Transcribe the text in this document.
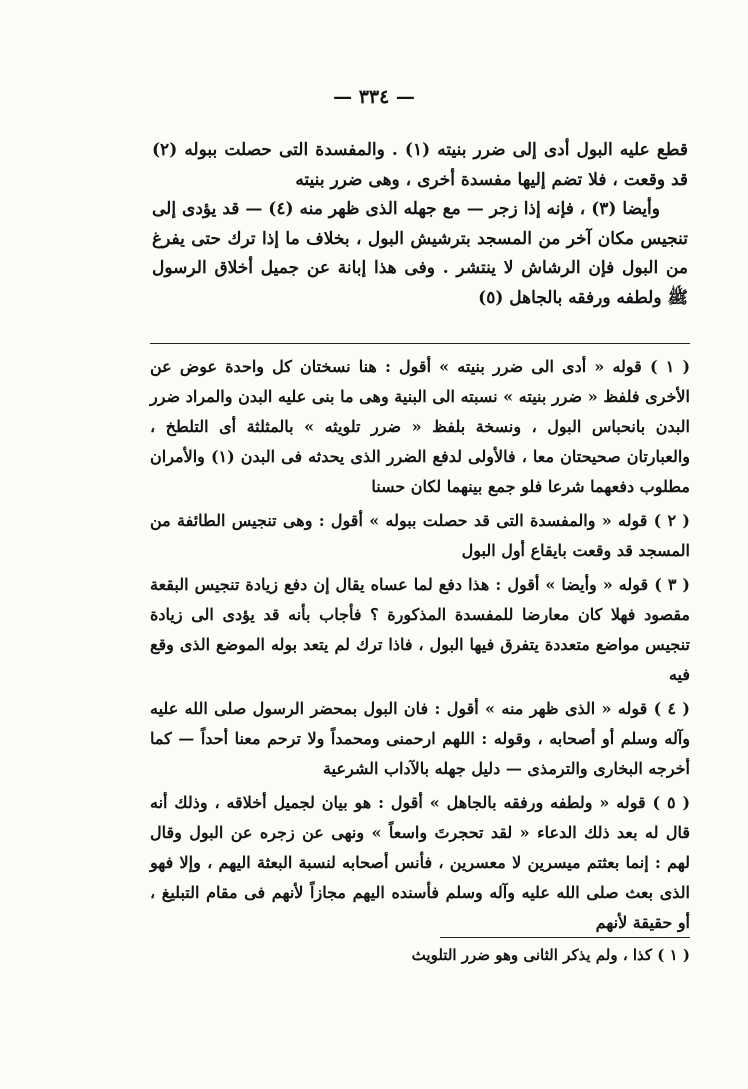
— ٣٣٤ —

قطع عليه البول أدى إلى ضرر بنيته (١) . والمفسدة التى حصلت ببوله (٢) قد وقعت ، فلا تضم إليها مفسدة أخرى ، وهى ضرر بنيته

وأيضا (٣) ، فإنه إذا زجر — مع جهله الذى ظهر منه (٤) — قد يؤدى إلى تنجيس مكان آخر من المسجد بترشيش البول ، بخلاف ما إذا ترك حتى يفرغ من البول فإن الرشاش لا ينتشر . وفى هذا إبانة عن جميل أخلاق الرسول ﷺ ولطفه ورفقه بالجاهل (٥)

( ١ ) قوله « أدى الى ضرر بنيته » أقول : هنا نسختان كل واحدة عوض عن الأخرى فلفظ « ضرر بنيته » نسبته الى البنية وهى ما بنى عليه البدن والمراد ضرر البدن بانحباس البول ، ونسخة بلفظ « ضرر تلويثه » بالمثلثة أى التلطخ ، والعبارتان صحيحتان معا ، فالأولى لدفع الضرر الذى يحدثه فى البدن (١) والأمران مطلوب دفعهما شرعا فلو جمع بينهما لكان حسنا

( ٢ ) قوله « والمفسدة التى قد حصلت ببوله » أقول : وهى تنجيس الطائفة من المسجد قد وقعت بايقاع أول البول

( ٣ ) قوله « وأيضا » أقول : هذا دفع لما عساه يقال إن دفع زيادة تنجيس البقعة مقصود فهلا كان معارضا للمفسدة المذكورة ؟ فأجاب بأنه قد يؤدى الى زيادة تنجيس مواضع متعددة يتفرق فيها البول ، فاذا ترك لم يتعد بوله الموضع الذى وقع فيه

( ٤ ) قوله « الذى ظهر منه » أقول : فان البول بمحضر الرسول صلى الله عليه وآله وسلم أو أصحابه ، وقوله : اللهم ارحمنى ومحمداً ولا ترحم معنا أحداً — كما أخرجه البخارى والترمذى — دليل جهله بالآداب الشرعية

( ٥ ) قوله « ولطفه ورفقه بالجاهل » أقول : هو بيان لجميل أخلاقه ، وذلك أنه قال له بعد ذلك الدعاء « لقد تحجرتَ واسعاً » ونهى عن زجره عن البول وقال لهم : إنما بعثتم ميسرين لا معسرين ، فأنس أصحابه لنسبة البعثة اليهم ، وإلا فهو الذى بعث صلى الله عليه وآله وسلم فأسنده اليهم مجازاً لأنهم فى مقام التبليغ ، أو حقيقة لأنهم

( ١ ) كذا ، ولم يذكر الثانى وهو ضرر التلويث
